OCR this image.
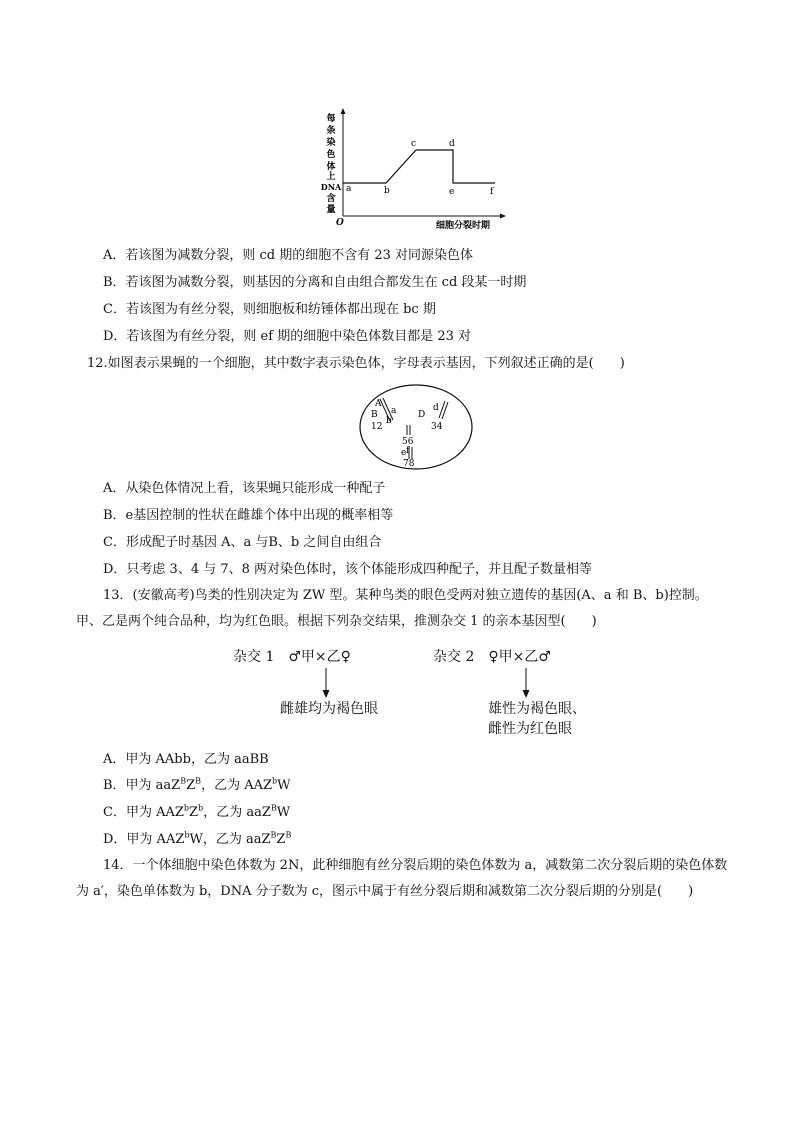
每
条
染
色
体
上
DNA
含
量
O	细胞分裂时期
a	b
c	d
e	f
A．若该图为减数分裂，则 cd 期的细胞不含有 23 对同源染色体
B．若该图为减数分裂，则基因的分离和自由组合都发生在 cd 段某一时期
C．若该图为有丝分裂，则细胞板和纺锤体都出现在 bc 期
D．若该图为有丝分裂，则 ef 期的细胞中染色体数目都是 23 对
12.如图表示果蝇的一个细胞，其中数字表示染色体，字母表示基因，下列叙述正确的是(　　)
A
B a
b
12
D
d
34
56
e f
78
A．从染色体情况上看，该果蝇只能形成一种配子
B．e基因控制的性状在雌雄个体中出现的概率相等
C．形成配子时基因 A、a 与B、b 之间自由组合
D．只考虑 3、4 与 7、8 两对染色体时，该个体能形成四种配子，并且配子数量相等
13．(安徽高考)鸟类的性别决定为 ZW 型。某种鸟类的眼色受两对独立遗传的基因(A、a 和 B、b)控制。甲、乙是两个纯合品种，均为红色眼。根据下列杂交结果，推测杂交 1 的亲本基因型(　　)
杂交 1　♂甲×乙♀	杂交 2　♀甲×乙♂
雌雄均为褐色眼	雄性为褐色眼、
雌性为红色眼
A．甲为 AAbb，乙为 aaBB
B．甲为 $aaZ^BZ^B$，乙为 AAZ$^b$W
C．甲为 $AAZ^bZ^b$，乙为 aaZ$^B$W
D．甲为 AAZ$^b$W，乙为 $aaZ^BZ^B$
14．一个体细胞中染色体数为 2N，此种细胞有丝分裂后期的染色体数为 a，减数第二次分裂后期的染色体数为 a′，染色单体数为 b，DNA 分子数为 c，图示中属于有丝分裂后期和减数第二次分裂后期的分别是(　　)
